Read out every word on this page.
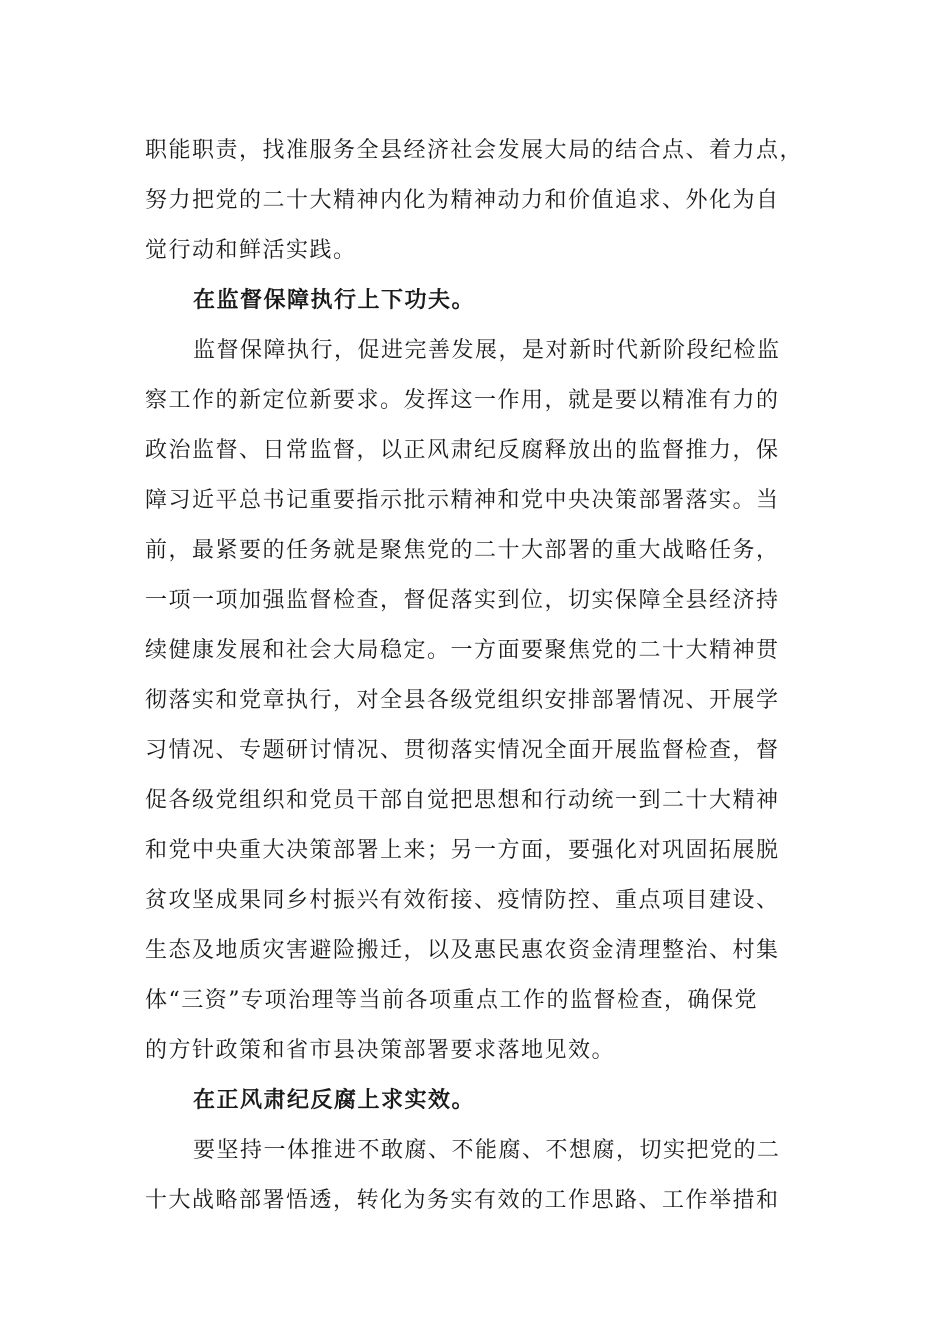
职能职责，找准服务全县经济社会发展大局的结合点、着力点，
努力把党的二十大精神内化为精神动力和价值追求、外化为自
觉行动和鲜活实践。
在监督保障执行上下功夫。
监督保障执行，促进完善发展，是对新时代新阶段纪检监
察工作的新定位新要求。发挥这一作用，就是要以精准有力的
政治监督、日常监督，以正风肃纪反腐释放出的监督推力，保
障习近平总书记重要指示批示精神和党中央决策部署落实。当
前，最紧要的任务就是聚焦党的二十大部署的重大战略任务，
一项一项加强监督检查，督促落实到位，切实保障全县经济持
续健康发展和社会大局稳定。一方面要聚焦党的二十大精神贯
彻落实和党章执行，对全县各级党组织安排部署情况、开展学
习情况、专题研讨情况、贯彻落实情况全面开展监督检查，督
促各级党组织和党员干部自觉把思想和行动统一到二十大精神
和党中央重大决策部署上来；另一方面，要强化对巩固拓展脱
贫攻坚成果同乡村振兴有效衔接、疫情防控、重点项目建设、
生态及地质灾害避险搬迁，以及惠民惠农资金清理整治、村集
体“三资”专项治理等当前各项重点工作的监督检查，确保党
的方针政策和省市县决策部署要求落地见效。
在正风肃纪反腐上求实效。
要坚持一体推进不敢腐、不能腐、不想腐，切实把党的二
十大战略部署悟透，转化为务实有效的工作思路、工作举措和
